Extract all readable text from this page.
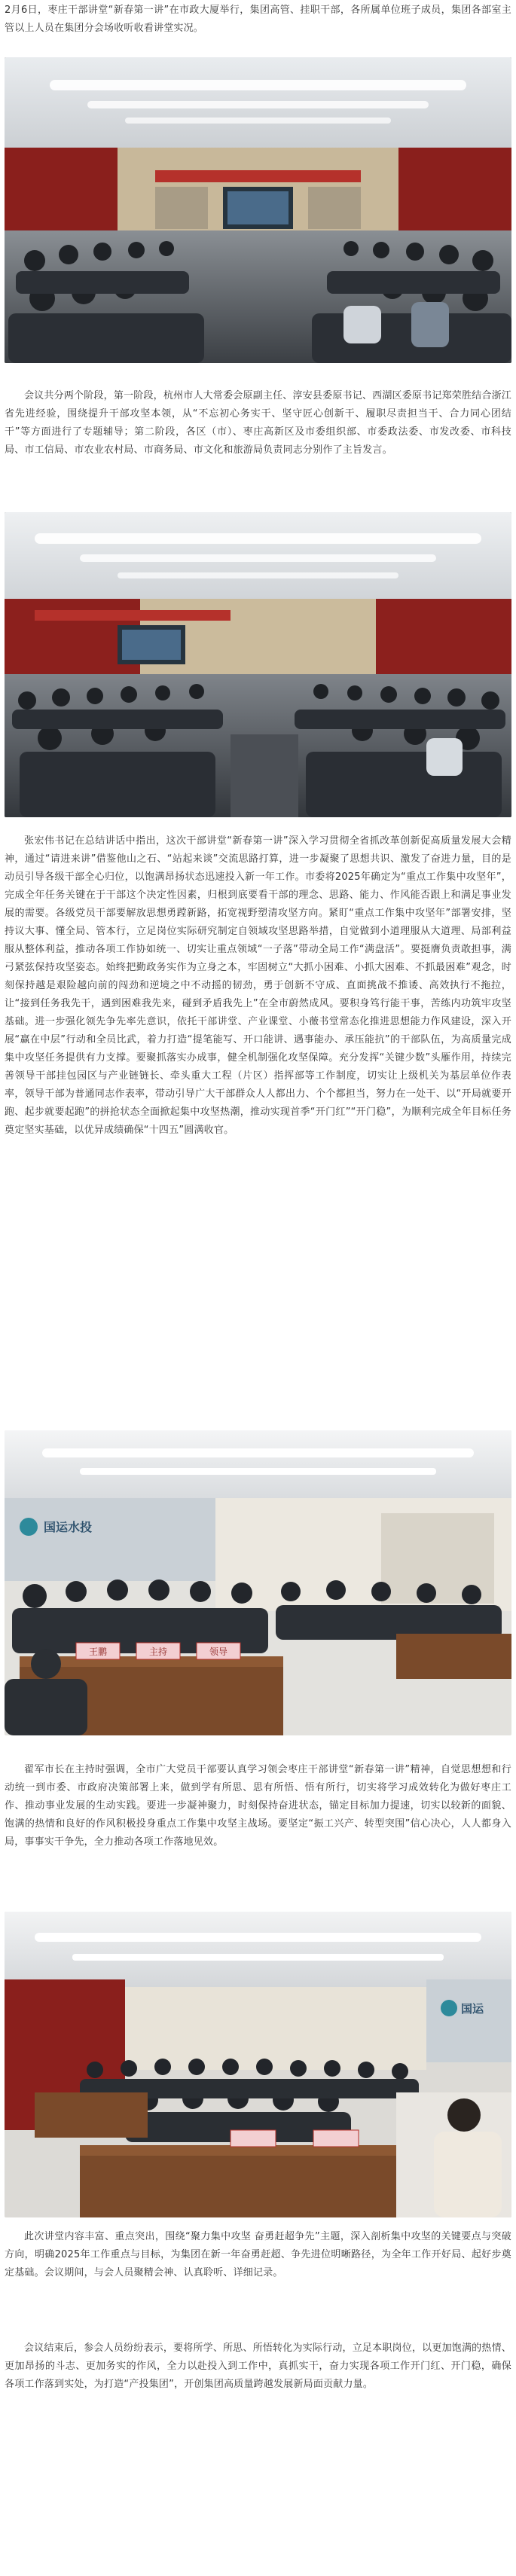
2月6日，枣庄干部讲堂“新春第一讲”在市政大厦举行，集团高管、挂职干部，各所属单位班子成员，集团各部室主管以上人员在集团分会场收听收看讲堂实况。

会议共分两个阶段，第一阶段，杭州市人大常委会原副主任、淳安县委原书记、西湖区委原书记郑荣胜结合浙江省先进经验，围绕提升干部攻坚本领，从“不忘初心务实干、坚守匠心创新干、履职尽责担当干、合力同心团结干”等方面进行了专题辅导；第二阶段，各区（市）、枣庄高新区及市委组织部、市委政法委、市发改委、市科技局、市工信局、市农业农村局、市商务局、市文化和旅游局负责同志分别作了主旨发言。

张宏伟书记在总结讲话中指出，这次干部讲堂“新春第一讲”深入学习贯彻全省抓改革创新促高质量发展大会精神，通过“请进来讲”借鉴他山之石、“站起来谈”交流思路打算，进一步凝聚了思想共识、激发了奋进力量，目的是动员引导各级干部全心归位，以饱满昂扬状态迅速投入新一年工作。市委将2025年确定为“重点工作集中攻坚年”，完成全年任务关键在于干部这个决定性因素，归根到底要看干部的理念、思路、能力、作风能否跟上和满足事业发展的需要。各级党员干部要解放思想勇蹚新路，拓宽视野塑清攻坚方向。紧盯“重点工作集中攻坚年”部署安排，坚持议大事、懂全局、管本行，立足岗位实际研究制定自领域攻坚思路举措，自觉做到小道理服从大道理、局部利益服从整体利益，推动各项工作协如统一、切实让重点领域“一子落”带动全局工作“满盘活”。要挺膺负责敢担事，满弓紧弦保持攻坚姿态。始终把勤政务实作为立身之本，牢固树立“大抓小困难、小抓大困难、不抓最困难”观念，时刻保持越是艰险越向前的闯劲和逆境之中不动摇的韧劲，勇于创新不守成、直面挑战不推诿、高效执行不拖拉，让“接到任务我先干，遇到困难我先来，碰到矛盾我先上”在全市蔚然成风。要积身笃行能干事，苦练内功筑牢攻坚基础。进一步强化领先争先率先意识，依托干部讲堂、产业课堂、小薇书堂常态化推进思想能力作风建设，深入开展“赢在中层”行动和全员比武，着力打造“提笔能写、开口能讲、遇事能办、承压能抗”的干部队伍，为高质量完成集中攻坚任务提供有力支撑。要聚抓落实办成事，健全机制强化攻坚保障。充分发挥“关键少数”头雁作用，持续完善领导干部挂包园区与产业链链长、牵头重大工程（片区）指挥部等工作制度，切实让上级机关为基层单位作表率，领导干部为普通同志作表率，带动引导广大干部群众人人都出力、个个都担当，努力在一处干、以“开局就要开跑、起步就要起跑”的拼抢状态全面掀起集中攻坚热潮，推动实现首季“开门红”“开门稳”，为顺利完成全年目标任务奠定坚实基础，以优异成绩确保“十四五”圆满收官。

国运水投
王鹏	主持	领导

翟军市长在主持时强调，全市广大党员干部要认真学习领会枣庄干部讲堂“新春第一讲”精神，自觉思想想和行动统一到市委、市政府决策部署上来，做到学有所思、思有所悟、悟有所行，切实将学习成效转化为做好枣庄工作、推动事业发展的生动实践。要进一步凝神聚力，时刻保持奋进状态，锚定目标加力提速，切实以较新的面貌、饱满的热情和良好的作风积极投身重点工作集中攻坚主战场。要坚定“振工兴产、转型突围”信心决心，人人都身入局，事事实干争先，全力推动各项工作落地见效。

国运

此次讲堂内容丰富、重点突出，围绕“聚力集中攻坚 奋勇赶超争先”主题，深入剖析集中攻坚的关键要点与突破方向，明确2025年工作重点与目标，为集团在新一年奋勇赶超、争先进位明晰路径，为全年工作开好局、起好步奠定基础。会议期间，与会人员聚精会神、认真聆听、详细记录。

会议结束后，参会人员纷纷表示，要将所学、所思、所悟转化为实际行动，立足本职岗位，以更加饱满的热情、更加昂扬的斗志、更加务实的作风，全力以赴投入到工作中，真抓实干，奋力实现各项工作开门红、开门稳，确保各项工作落到实处，为打造“产投集团”，开创集团高质量跨越发展新局面贡献力量。
